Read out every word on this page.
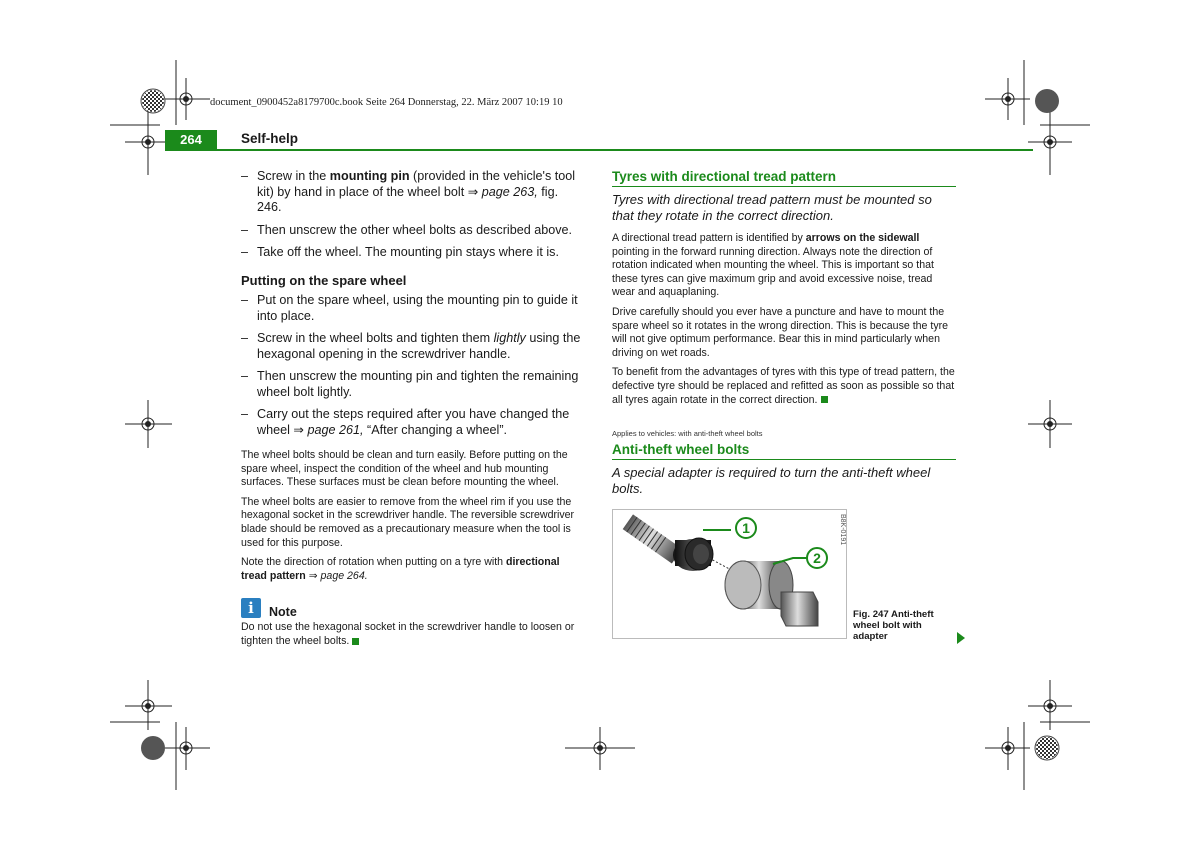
document_0900452a8179700c.book Seite 264 Donnerstag, 22. März 2007 10:19 10
264	Self-help
– Screw in the mounting pin (provided in the vehicle's tool kit) by hand in place of the wheel bolt ⇒ page 263, fig. 246.
– Then unscrew the other wheel bolts as described above.
– Take off the wheel. The mounting pin stays where it is.
Putting on the spare wheel
– Put on the spare wheel, using the mounting pin to guide it into place.
– Screw in the wheel bolts and tighten them lightly using the hexagonal opening in the screwdriver handle.
– Then unscrew the mounting pin and tighten the remaining wheel bolt lightly.
– Carry out the steps required after you have changed the wheel ⇒ page 261, “After changing a wheel”.
The wheel bolts should be clean and turn easily. Before putting on the spare wheel, inspect the condition of the wheel and hub mounting surfaces. These surfaces must be clean before mounting the wheel.
The wheel bolts are easier to remove from the wheel rim if you use the hexagonal socket in the screwdriver handle. The reversible screwdriver blade should be removed as a precautionary measure when the tool is used for this purpose.
Note the direction of rotation when putting on a tyre with directional tread pattern ⇒ page 264.
i	Note
Do not use the hexagonal socket in the screwdriver handle to loosen or tighten the wheel bolts.
Tyres with directional tread pattern
Tyres with directional tread pattern must be mounted so that they rotate in the correct direction.
A directional tread pattern is identified by arrows on the sidewall pointing in the forward running direction. Always note the direction of rotation indicated when mounting the wheel. This is important so that these tyres can give maximum grip and avoid excessive noise, tread wear and aquaplaning.
Drive carefully should you ever have a puncture and have to mount the spare wheel so it rotates in the wrong direction. This is because the tyre will not give optimum performance. Bear this in mind particularly when driving on wet roads.
To benefit from the advantages of tyres with this type of tread pattern, the defective tyre should be replaced and refitted as soon as possible so that all tyres again rotate in the correct direction.
Applies to vehicles: with anti-theft wheel bolts
Anti-theft wheel bolts
A special adapter is required to turn the anti-theft wheel bolts.
1
2
B8K-0191
Fig. 247 Anti-theft wheel bolt with adapter
